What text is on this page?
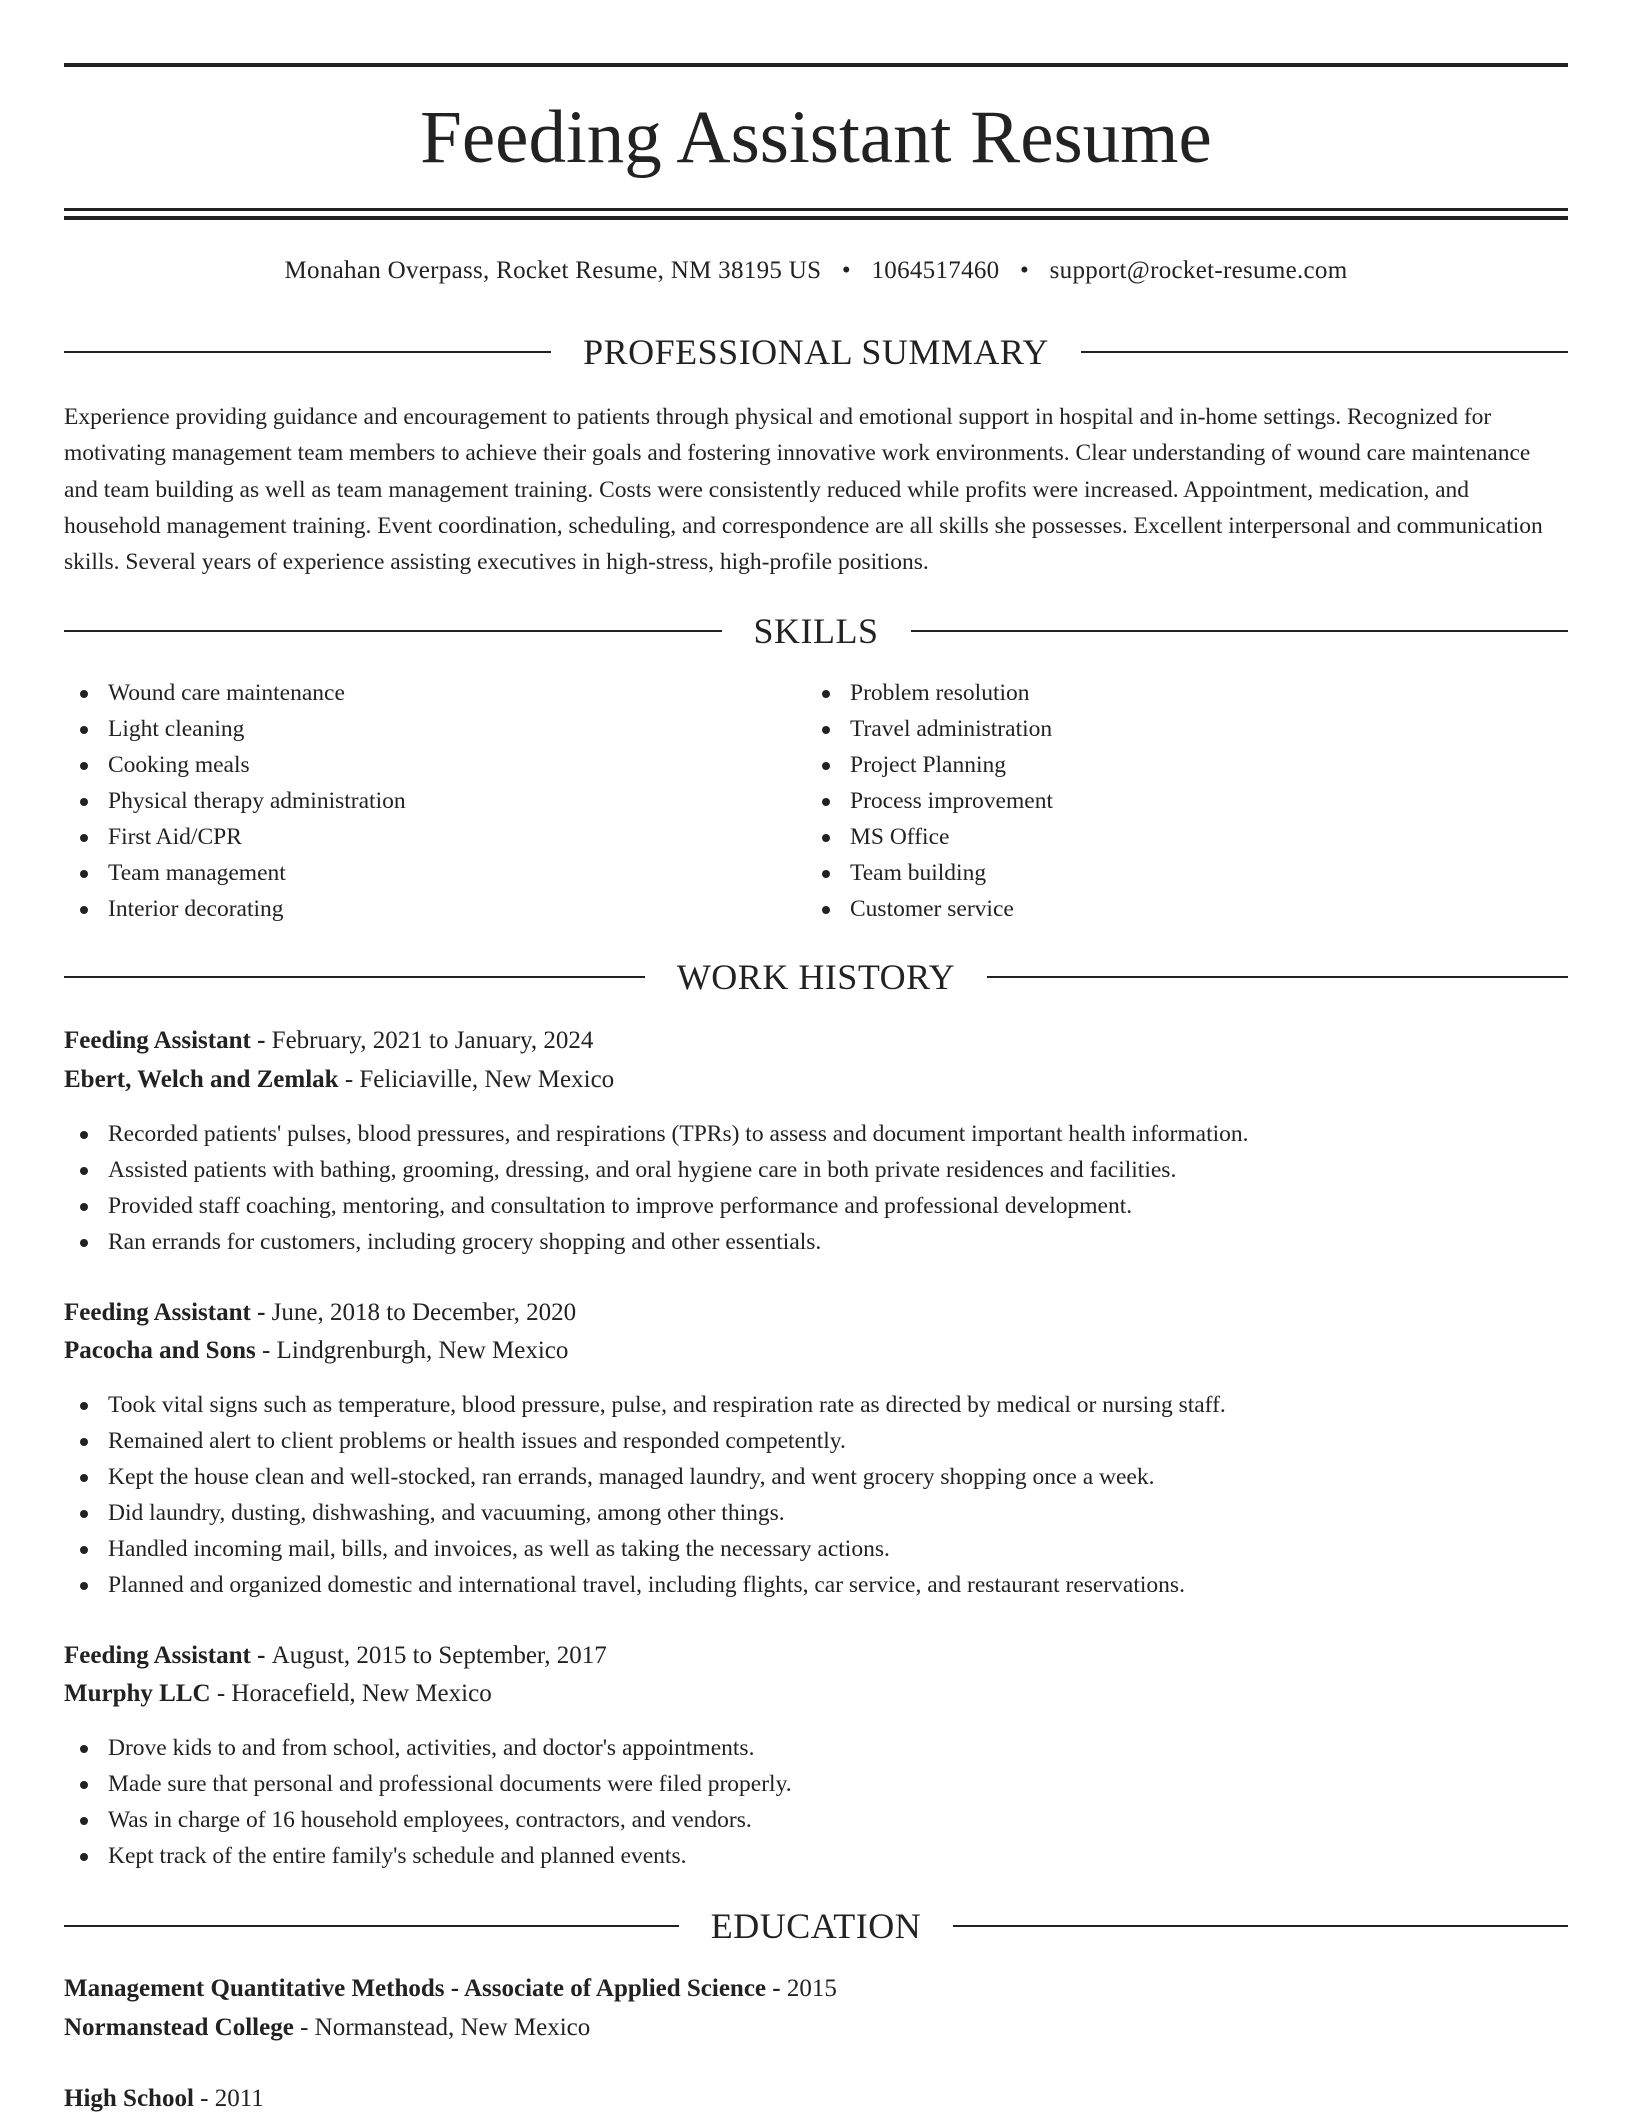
Feeding Assistant Resume
Monahan Overpass, Rocket Resume, NM 38195 US • 1064517460 • support@rocket-resume.com
PROFESSIONAL SUMMARY

Experience providing guidance and encouragement to patients through physical and emotional support in hospital and in-home settings. Recognized for motivating management team members to achieve their goals and fostering innovative work environments. Clear understanding of wound care maintenance and team building as well as team management training. Costs were consistently reduced while profits were increased. Appointment, medication, and household management training. Event coordination, scheduling, and correspondence are all skills she possesses. Excellent interpersonal and communication skills. Several years of experience assisting executives in high-stress, high-profile positions.

SKILLS
Wound care maintenance
Light cleaning
Cooking meals
Physical therapy administration
First Aid/CPR
Team management
Interior decorating
Problem resolution
Travel administration
Project Planning
Process improvement
MS Office
Team building
Customer service
WORK HISTORY
Feeding Assistant - February, 2021 to January, 2024
Ebert, Welch and Zemlak - Feliciaville, New Mexico
Recorded patients' pulses, blood pressures, and respirations (TPRs) to assess and document important health information.
Assisted patients with bathing, grooming, dressing, and oral hygiene care in both private residences and facilities.
Provided staff coaching, mentoring, and consultation to improve performance and professional development.
Ran errands for customers, including grocery shopping and other essentials.
Feeding Assistant - June, 2018 to December, 2020
Pacocha and Sons - Lindgrenburgh, New Mexico
Took vital signs such as temperature, blood pressure, pulse, and respiration rate as directed by medical or nursing staff.
Remained alert to client problems or health issues and responded competently.
Kept the house clean and well-stocked, ran errands, managed laundry, and went grocery shopping once a week.
Did laundry, dusting, dishwashing, and vacuuming, among other things.
Handled incoming mail, bills, and invoices, as well as taking the necessary actions.
Planned and organized domestic and international travel, including flights, car service, and restaurant reservations.
Feeding Assistant - August, 2015 to September, 2017
Murphy LLC - Horacefield, New Mexico
Drove kids to and from school, activities, and doctor's appointments.
Made sure that personal and professional documents were filed properly.
Was in charge of 16 household employees, contractors, and vendors.
Kept track of the entire family's schedule and planned events.
EDUCATION
Management Quantitative Methods - Associate of Applied Science - 2015
Normanstead College - Normanstead, New Mexico
High School - 2011
